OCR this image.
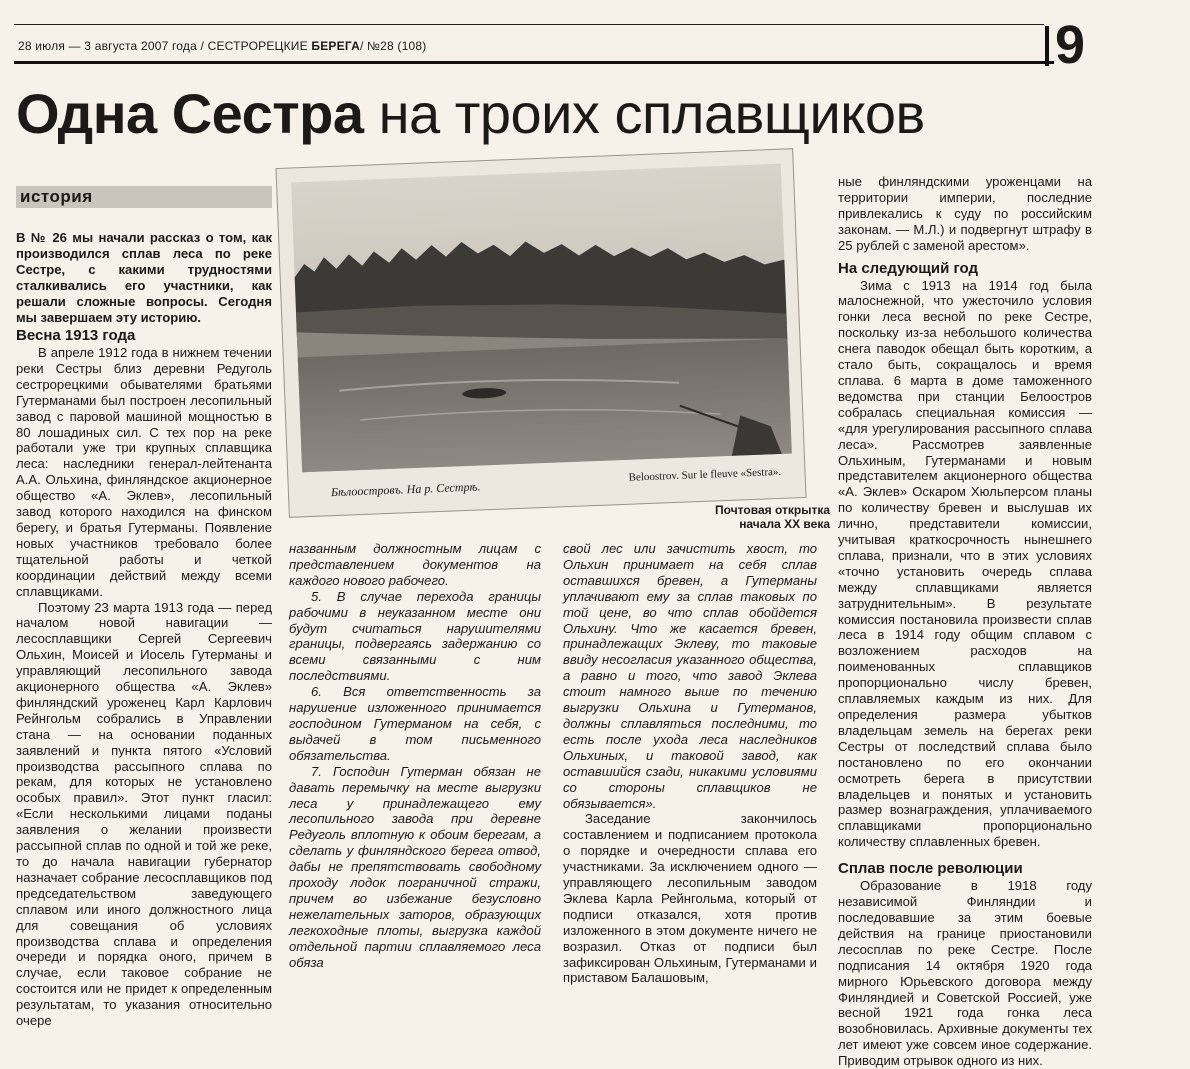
28 июля — 3 августа 2007 года / СЕСТРОРЕЦКИЕ БЕРЕГА/ №28 (108)	9
Одна Сестра на троих сплавщиков
история

В № 26 мы начали рассказ о том, как производился сплав леса по реке Сестре, с какими трудностями сталкивались его участники, как решали сложные вопросы. Сегодня мы завершаем эту историю.

Весна 1913 года

В апреле 1912 года в нижнем течении реки Сестры близ деревни Редуголь сестрорецкими обывателями братьями Гутерманами был построен лесопильный завод с паровой машиной мощностью в 80 лошадиных сил. С тех пор на реке работали уже три крупных сплавщика леса: наследники генерал-лейтенанта А.А. Ольхина, финляндское акционерное общество «А. Эклев», лесопильный завод которого находился на финском берегу, и братья Гутерманы. Появление новых участников требовало более тщательной работы и четкой координации действий между всеми сплавщиками.

Поэтому 23 марта 1913 года — перед началом новой навигации — лесосплавщики Сергей Сергеевич Ольхин, Моисей и Иосель Гутерманы и управляющий лесопильного завода акционерного общества «А. Эклев» финляндский уроженец Карл Карлович Рейнгольм собрались в Управлении стана — на основании поданных заявлений и пункта пятого «Условий производства рассыпного сплава по рекам, для которых не установлено особых правил». Этот пункт гласил: «Если несколькими лицами поданы заявления о желании произвести рассыпной сплав по одной и той же реке, то до начала навигации губернатор назначает собрание лесосплавщиков под председательством заведующего сплавом или иного должностного лица для совещания об условиях производства сплава и определения очереди и порядка оного, причем в случае, если таковое собрание не состоится или не придет к определенным результатам, то указания относительно очере

Бѣлоостровъ. На р. Сестрѣ.
Beloostrov. Sur le fleuve «Sestra».
Почтовая открытка
начала XX века

названным должностным лицам с представлением документов на каждого нового рабочего.

5. В случае перехода границы рабочими в неуказанном месте они будут считаться нарушителями границы, подвергаясь задержанию со всеми связанными с ним последствиями.

6. Вся ответственность за нарушение изложенного принимается господином Гутерманом на себя, с выдачей в том письменного обязательства.

7. Господин Гутерман обязан не давать перемычку на месте выгрузки леса у принадлежащего ему лесопильного завода при деревне Редуголь вплотную к обоим берегам, а сделать у финляндского берега отвод, дабы не препятствовать свободному проходу лодок пограничной стражи, причем во избежание безусловно нежелательных заторов, образующих легкоходные плоты, выгрузка каждой отдельной партии сплавляемого леса обяза

свой лес или зачистить хвост, то Ольхин принимает на себя сплав оставшихся бревен, а Гутерманы уплачивают ему за сплав таковых по той цене, во что сплав обойдется Ольхину. Что же касается бревен, принадлежащих Эклеву, то таковые ввиду несогласия указанного общества, а равно и того, что завод Эклева стоит намного выше по течению выгрузки Ольхина и Гутерманов, должны сплавляться последними, то есть после ухода леса наследников Ольхиных, и таковой завод, как оставшийся сзади, никакими условиями со стороны сплавщиков не обязывается».

Заседание закончилось составлением и подписанием протокола о порядке и очередности сплава его участниками. За исключением одного — управляющего лесопильным заводом Эклева Карла Рейнгольма, который от подписи отказался, хотя против изложенного в этом документе ничего не возразил. Отказ от подписи был зафиксирован Ольхиным, Гутерманами и приставом Балашовым,

ные финляндскими уроженцами на территории империи, последние привлекались к суду по российским законам. — М.Л.) и подвергнут штрафу в 25 рублей с заменой арестом».

На следующий год

Зима с 1913 на 1914 год была малоснежной, что ужесточило условия гонки леса весной по реке Сестре, поскольку из-за небольшого количества снега паводок обещал быть коротким, а стало быть, сокращалось и время сплава. 6 марта в доме таможенного ведомства при станции Белоостров собралась специальная комиссия — «для урегулирования рассыпного сплава леса». Рассмотрев заявленные Ольхиным, Гутерманами и новым представителем акционерного общества «А. Эклев» Оскаром Хюльперсом планы по количеству бревен и выслушав их лично, представители комиссии, учитывая краткосрочность нынешнего сплава, признали, что в этих условиях «точно установить очередь сплава между сплавщиками является затруднительным». В результате комиссия постановила произвести сплав леса в 1914 году общим сплавом с возложением расходов на поименованных сплавщиков пропорционально числу бревен, сплавляемых каждым из них. Для определения размера убытков владельцам земель на берегах реки Сестры от последствий сплава было постановлено по его окончании осмотреть берега в присутствии владельцев и понятых и установить размер вознаграждения, уплачиваемого сплавщиками пропорционально количеству сплавленных бревен.

Сплав после революции

Образование в 1918 году независимой Финляндии и последовавшие за этим боевые действия на границе приостановили лесосплав по реке Сестре. После подписания 14 октября 1920 года мирного Юрьевского договора между Финляндией и Советской Россией, уже весной 1921 года гонка леса возобновилась. Архивные документы тех лет имеют уже совсем иное содержание. Приводим отрывок одного из них.
